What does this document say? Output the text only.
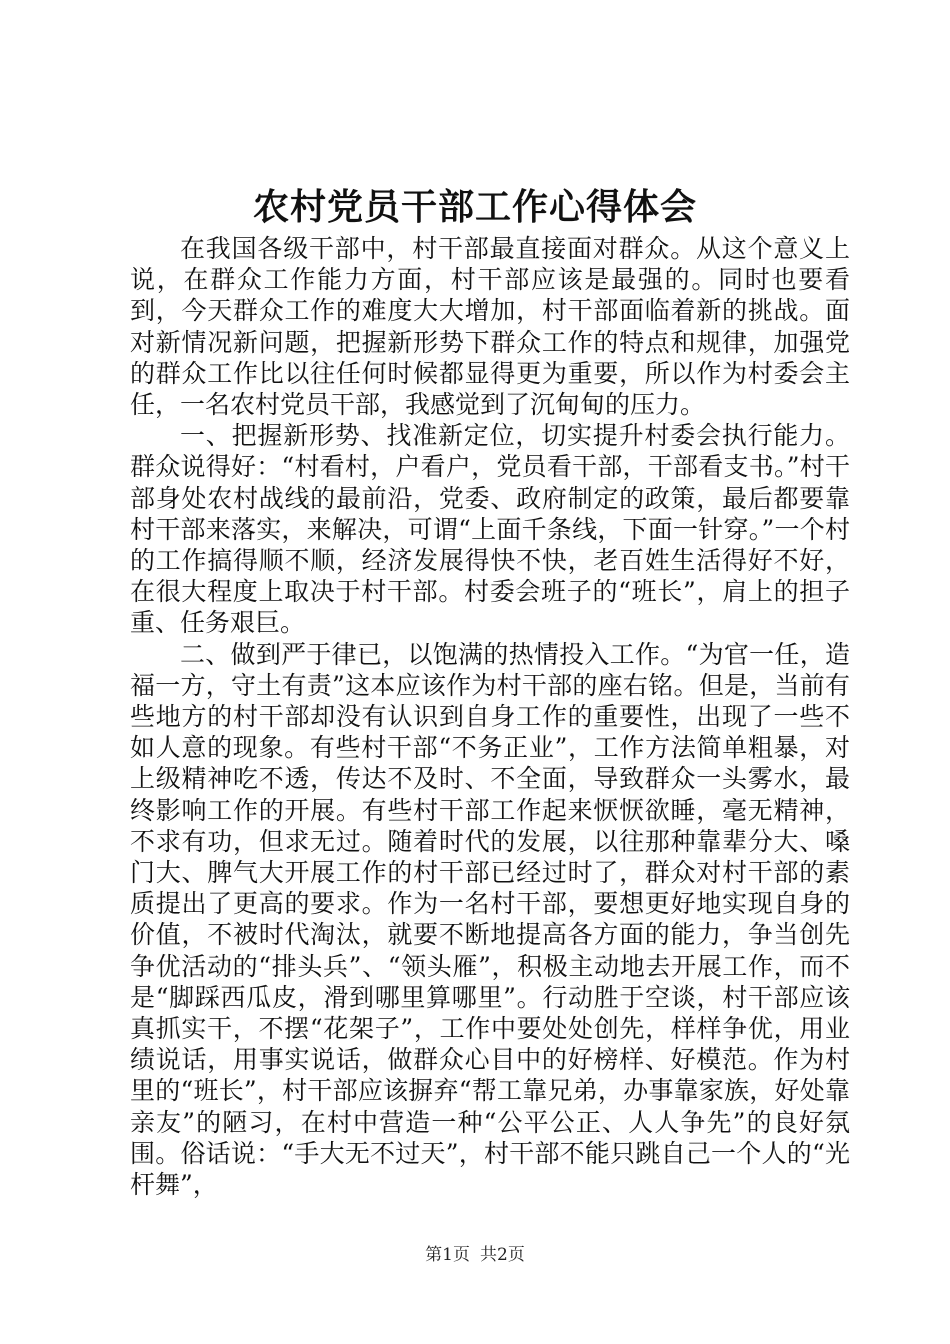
农村党员干部工作心得体会

在我国各级干部中，村干部最直接面对群众。从这个意义上说，在群众工作能力方面，村干部应该是最强的。同时也要看到，今天群众工作的难度大大增加，村干部面临着新的挑战。面对新情况新问题，把握新形势下群众工作的特点和规律，加强党的群众工作比以往任何时候都显得更为重要，所以作为村委会主任，一名农村党员干部，我感觉到了沉甸甸的压力。

一、把握新形势、找准新定位，切实提升村委会执行能力。群众说得好：“村看村，户看户，党员看干部，干部看支书。”村干部身处农村战线的最前沿，党委、政府制定的政策，最后都要靠村干部来落实，来解决，可谓“上面千条线，下面一针穿。”一个村的工作搞得顺不顺，经济发展得快不快，老百姓生活得好不好，在很大程度上取决于村干部。村委会班子的“班长”，肩上的担子重、任务艰巨。

二、做到严于律已，以饱满的热情投入工作。“为官一任，造福一方，守土有责”这本应该作为村干部的座右铭。但是，当前有些地方的村干部却没有认识到自身工作的重要性，出现了一些不如人意的现象。有些村干部“不务正业”，工作方法简单粗暴，对上级精神吃不透，传达不及时、不全面，导致群众一头雾水，最终影响工作的开展。有些村干部工作起来恹恹欲睡，毫无精神，不求有功，但求无过。随着时代的发展，以往那种靠辈分大、嗓门大、脾气大开展工作的村干部已经过时了，群众对村干部的素质提出了更高的要求。作为一名村干部，要想更好地实现自身的价值，不被时代淘汰，就要不断地提高各方面的能力，争当创先争优活动的“排头兵”、“领头雁”，积极主动地去开展工作，而不是“脚踩西瓜皮，滑到哪里算哪里”。行动胜于空谈，村干部应该真抓实干，不摆“花架子”，工作中要处处创先，样样争优，用业绩说话，用事实说话，做群众心目中的好榜样、好模范。作为村里的“班长”，村干部应该摒弃“帮工靠兄弟，办事靠家族，好处靠亲友”的陋习，在村中营造一种“公平公正、人人争先”的良好氛围。俗话说：“手大无不过天”，村干部不能只跳自己一个人的“光杆舞”，

第1页 共2页
